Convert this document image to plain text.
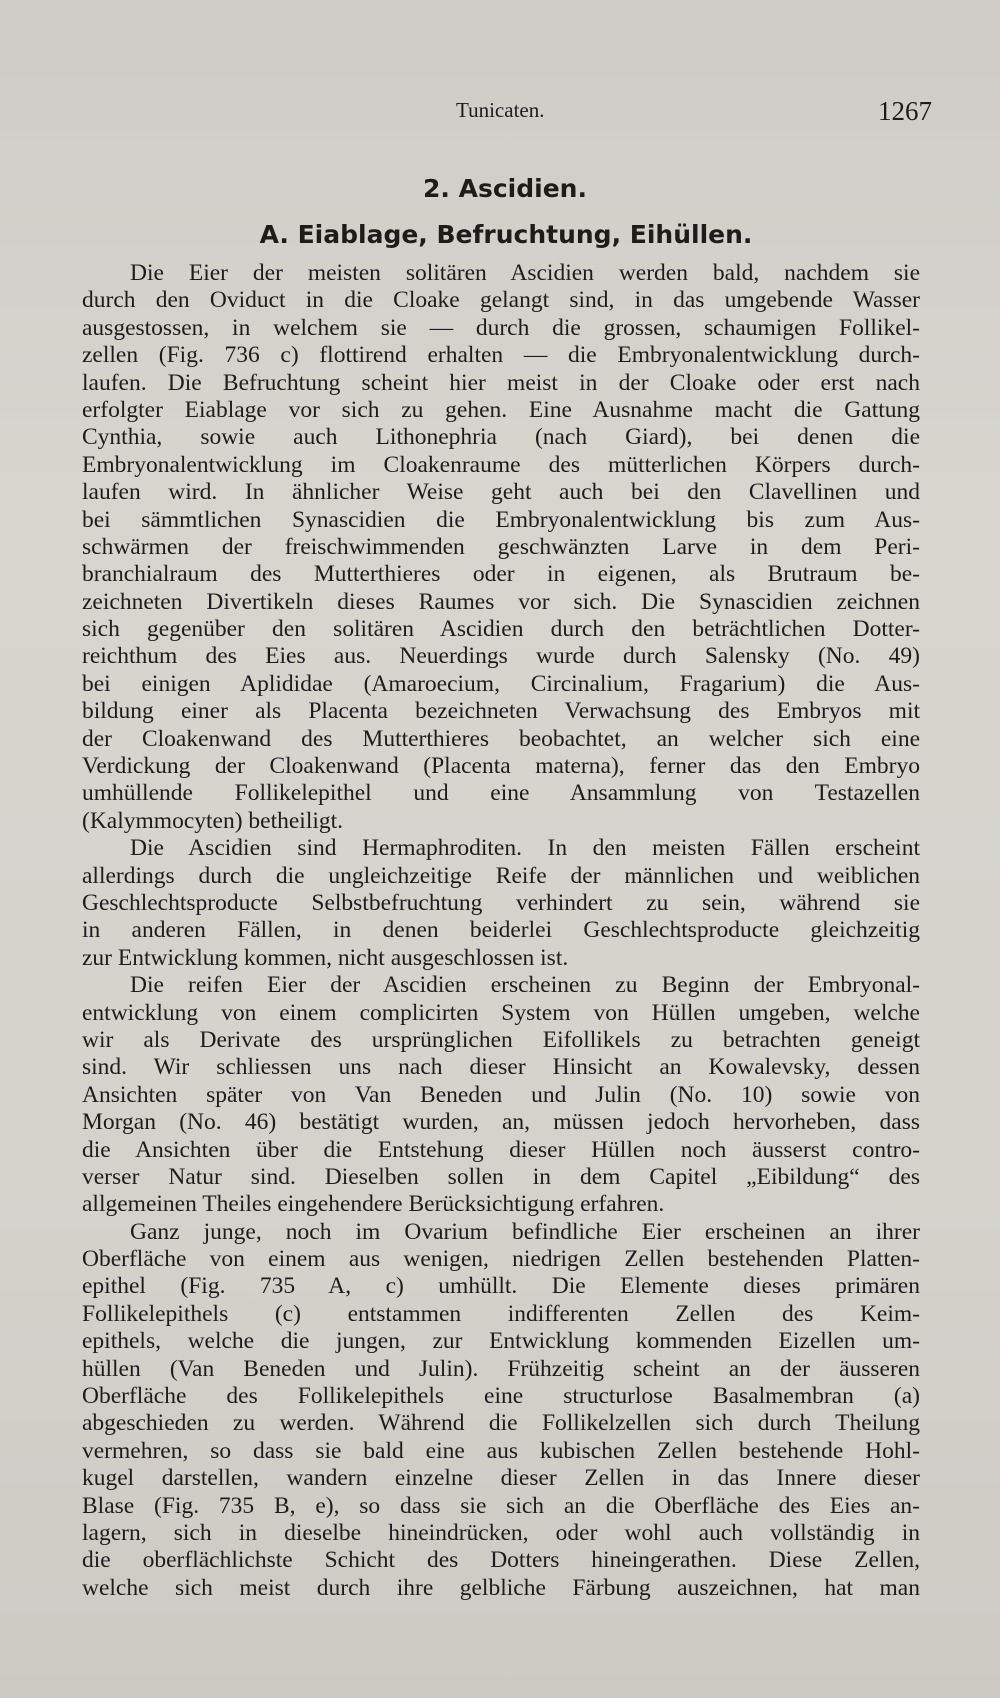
Tunicaten.	1267
2. Ascidien.
A. Eiablage, Befruchtung, Eihüllen.
Die Eier der meisten solitären Ascidien werden bald, nachdem sie
durch den Oviduct in die Cloake gelangt sind, in das umgebende Wasser
ausgestossen, in welchem sie — durch die grossen, schaumigen Follikel-
zellen (Fig. 736 c) flottirend erhalten — die Embryonalentwicklung durch-
laufen. Die Befruchtung scheint hier meist in der Cloake oder erst nach
erfolgter Eiablage vor sich zu gehen. Eine Ausnahme macht die Gattung
Cynthia, sowie auch Lithonephria (nach Giard), bei denen die
Embryonalentwicklung im Cloakenraume des mütterlichen Körpers durch-
laufen wird. In ähnlicher Weise geht auch bei den Clavellinen und
bei sämmtlichen Synascidien die Embryonalentwicklung bis zum Aus-
schwärmen der freischwimmenden geschwänzten Larve in dem Peri-
branchialraum des Mutterthieres oder in eigenen, als Brutraum be-
zeichneten Divertikeln dieses Raumes vor sich. Die Synascidien zeichnen
sich gegenüber den solitären Ascidien durch den beträchtlichen Dotter-
reichthum des Eies aus. Neuerdings wurde durch Salensky (No. 49)
bei einigen Aplididae (Amaroecium, Circinalium, Fragarium) die Aus-
bildung einer als Placenta bezeichneten Verwachsung des Embryos mit
der Cloakenwand des Mutterthieres beobachtet, an welcher sich eine
Verdickung der Cloakenwand (Placenta materna), ferner das den Embryo
umhüllende Follikelepithel und eine Ansammlung von Testazellen
(Kalymmocyten) betheiligt.
Die Ascidien sind Hermaphroditen. In den meisten Fällen erscheint
allerdings durch die ungleichzeitige Reife der männlichen und weiblichen
Geschlechtsproducte Selbstbefruchtung verhindert zu sein, während sie
in anderen Fällen, in denen beiderlei Geschlechtsproducte gleichzeitig
zur Entwicklung kommen, nicht ausgeschlossen ist.
Die reifen Eier der Ascidien erscheinen zu Beginn der Embryonal-
entwicklung von einem complicirten System von Hüllen umgeben, welche
wir als Derivate des ursprünglichen Eifollikels zu betrachten geneigt
sind. Wir schliessen uns nach dieser Hinsicht an Kowalevsky, dessen
Ansichten später von Van Beneden und Julin (No. 10) sowie von
Morgan (No. 46) bestätigt wurden, an, müssen jedoch hervorheben, dass
die Ansichten über die Entstehung dieser Hüllen noch äusserst contro-
verser Natur sind. Dieselben sollen in dem Capitel „Eibildung“ des
allgemeinen Theiles eingehendere Berücksichtigung erfahren.
Ganz junge, noch im Ovarium befindliche Eier erscheinen an ihrer
Oberfläche von einem aus wenigen, niedrigen Zellen bestehenden Platten-
epithel (Fig. 735 A, c) umhüllt. Die Elemente dieses primären
Follikelepithels (c) entstammen indifferenten Zellen des Keim-
epithels, welche die jungen, zur Entwicklung kommenden Eizellen um-
hüllen (Van Beneden und Julin). Frühzeitig scheint an der äusseren
Oberfläche des Follikelepithels eine structurlose Basalmembran (a)
abgeschieden zu werden. Während die Follikelzellen sich durch Theilung
vermehren, so dass sie bald eine aus kubischen Zellen bestehende Hohl-
kugel darstellen, wandern einzelne dieser Zellen in das Innere dieser
Blase (Fig. 735 B, e), so dass sie sich an die Oberfläche des Eies an-
lagern, sich in dieselbe hineindrücken, oder wohl auch vollständig in
die oberflächlichste Schicht des Dotters hineingerathen. Diese Zellen,
welche sich meist durch ihre gelbliche Färbung auszeichnen, hat man
